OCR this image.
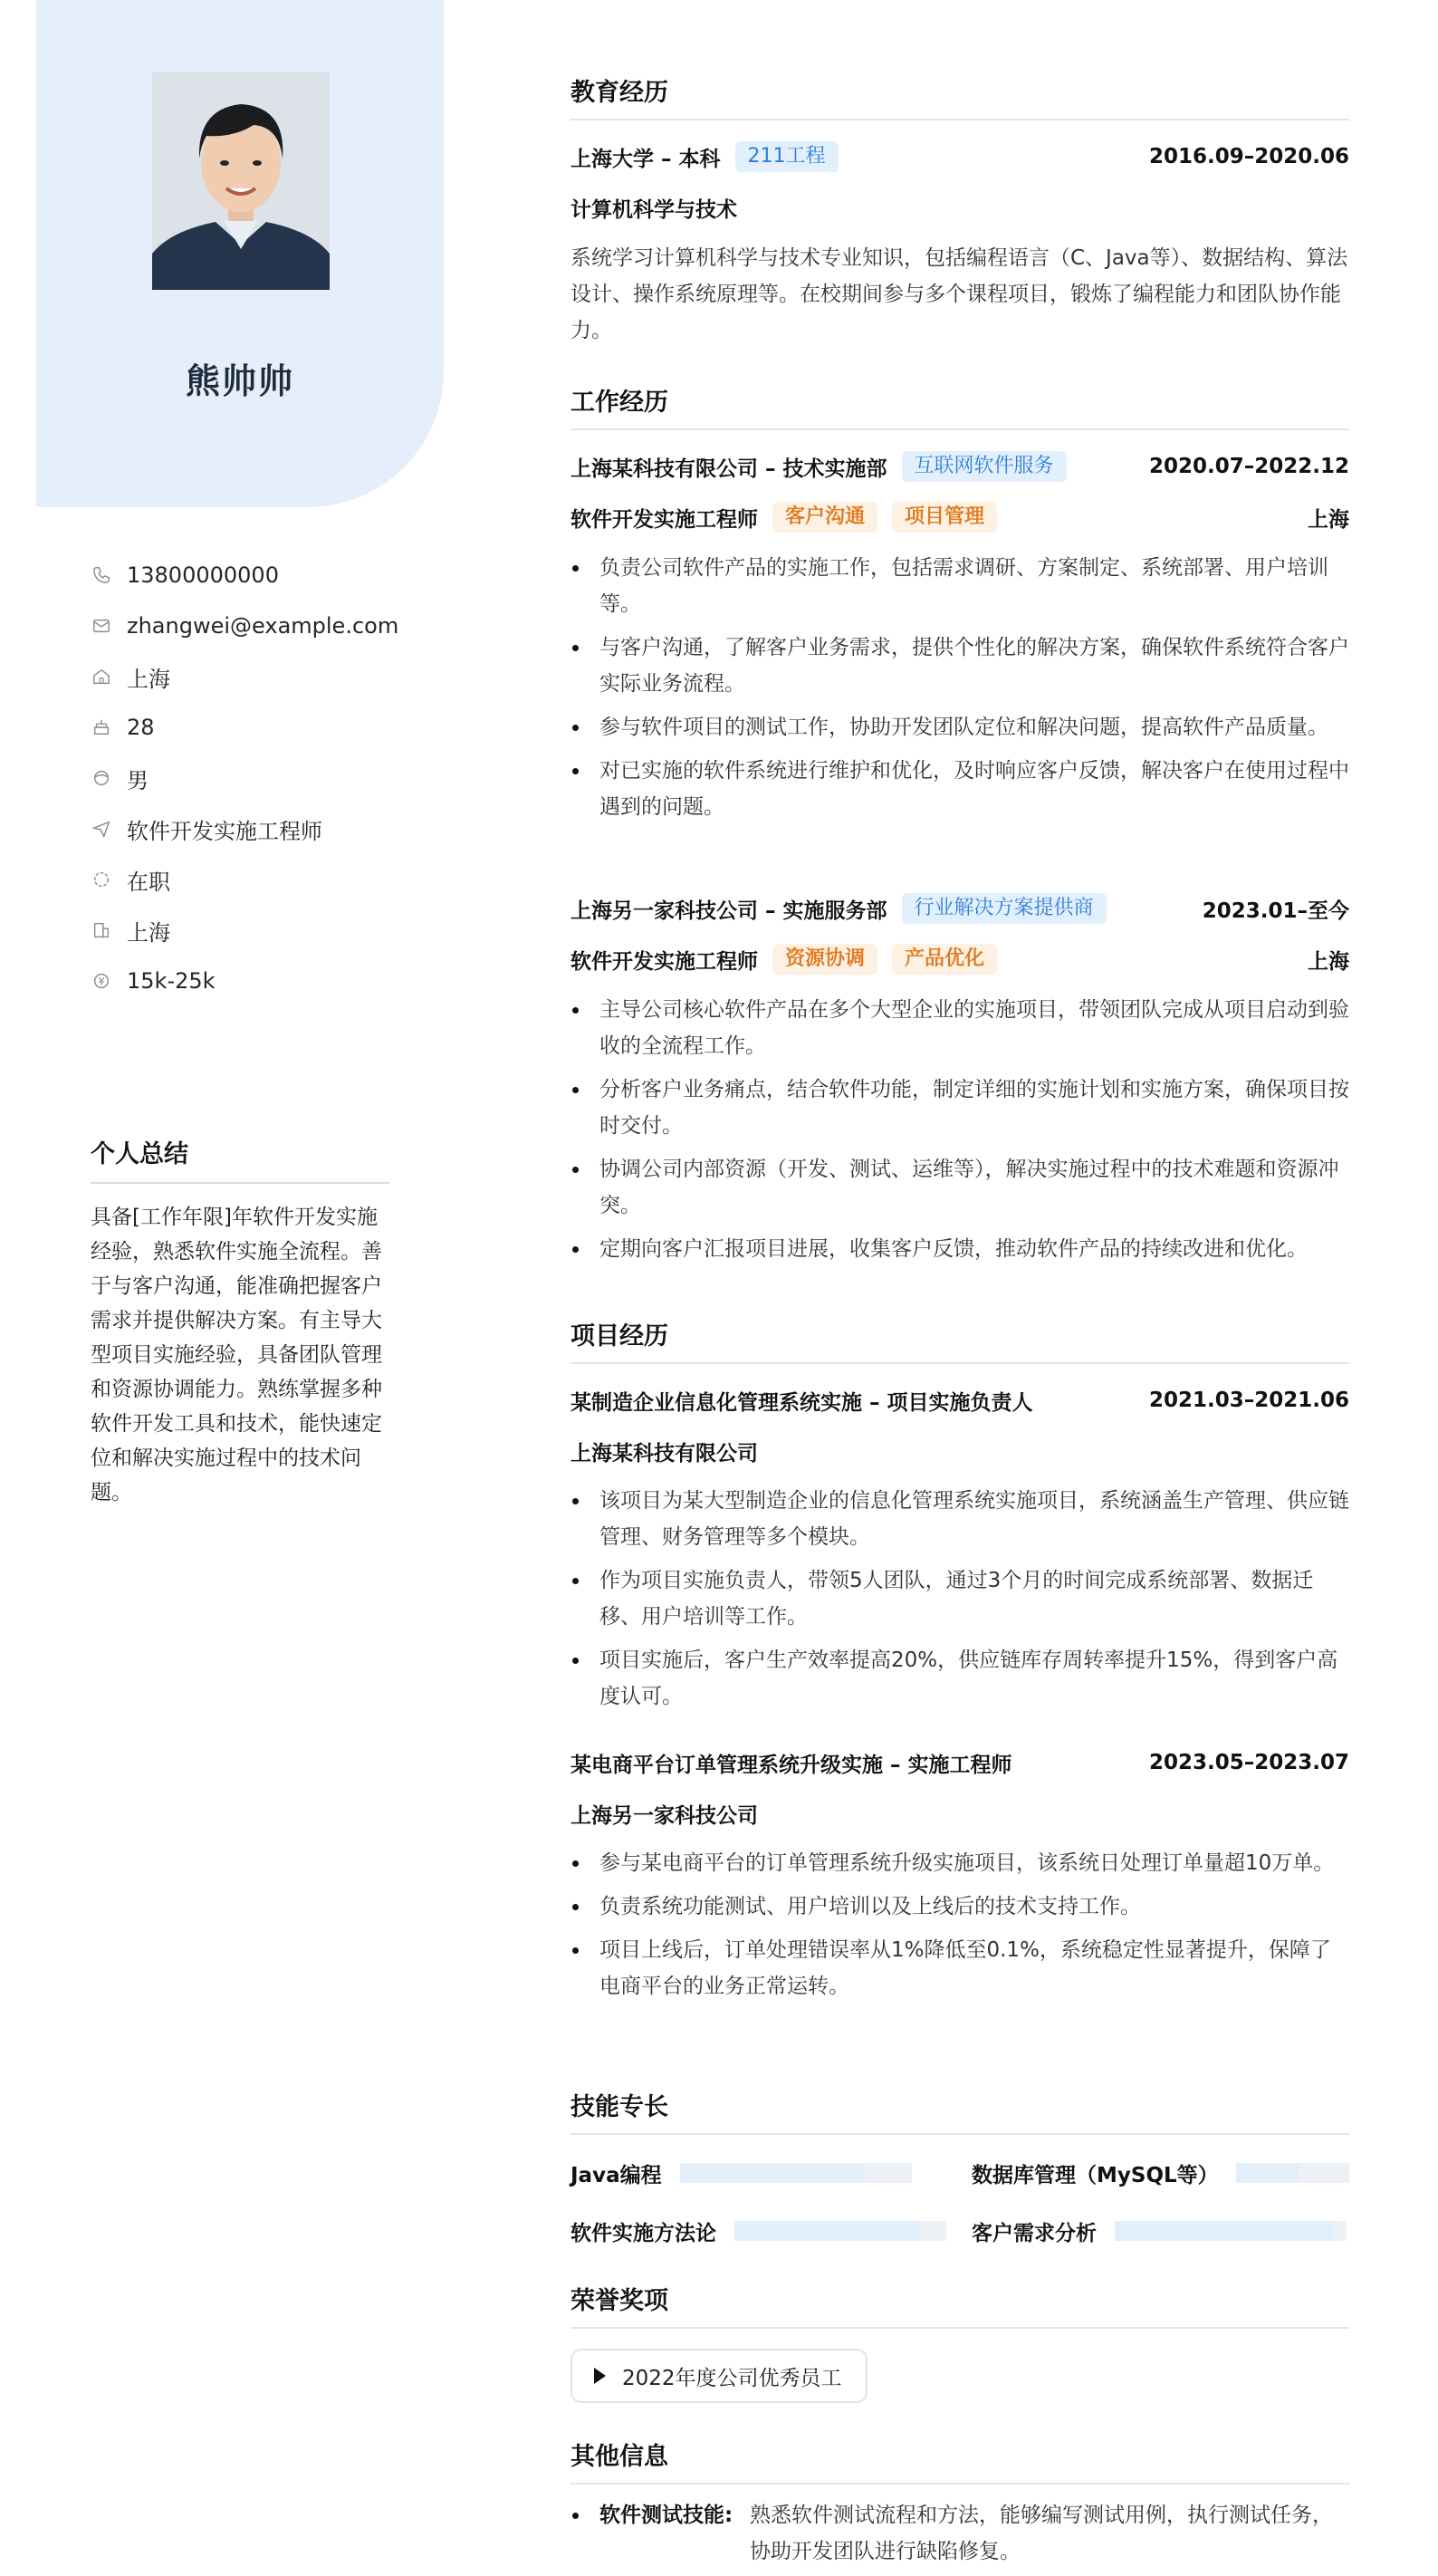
熊帅帅
13800000000
zhangwei@example.com
上海
28
男
软件开发实施工程师
在职
上海
15k-25k
个人总结
具备[工作年限]年软件开发实施经验，熟悉软件实施全流程。善于与客户沟通，能准确把握客户需求并提供解决方案。有主导大型项目实施经验，具备团队管理和资源协调能力。熟练掌握多种软件开发工具和技术，能快速定位和解决实施过程中的技术问题。
教育经历
上海大学 – 本科	211工程	2016.09–2020.06
计算机科学与技术
系统学习计算机科学与技术专业知识，包括编程语言（C、Java等）、数据结构、算法设计、操作系统原理等。在校期间参与多个课程项目，锻炼了编程能力和团队协作能力。
工作经历
上海某科技有限公司 – 技术实施部	互联网软件服务	2020.07–2022.12
软件开发实施工程师	客户沟通	项目管理	上海
负责公司软件产品的实施工作，包括需求调研、方案制定、系统部署、用户培训等。
与客户沟通，了解客户业务需求，提供个性化的解决方案，确保软件系统符合客户实际业务流程。
参与软件项目的测试工作，协助开发团队定位和解决问题，提高软件产品质量。
对已实施的软件系统进行维护和优化，及时响应客户反馈，解决客户在使用过程中遇到的问题。
上海另一家科技公司 – 实施服务部	行业解决方案提供商	2023.01–至今
软件开发实施工程师	资源协调	产品优化	上海
主导公司核心软件产品在多个大型企业的实施项目，带领团队完成从项目启动到验收的全流程工作。
分析客户业务痛点，结合软件功能，制定详细的实施计划和实施方案，确保项目按时交付。
协调公司内部资源（开发、测试、运维等），解决实施过程中的技术难题和资源冲突。
定期向客户汇报项目进展，收集客户反馈，推动软件产品的持续改进和优化。
项目经历
某制造企业信息化管理系统实施 – 项目实施负责人	2021.03–2021.06
上海某科技有限公司
该项目为某大型制造企业的信息化管理系统实施项目，系统涵盖生产管理、供应链管理、财务管理等多个模块。
作为项目实施负责人，带领5人团队，通过3个月的时间完成系统部署、数据迁移、用户培训等工作。
项目实施后，客户生产效率提高20%，供应链库存周转率提升15%，得到客户高度认可。
某电商平台订单管理系统升级实施 – 实施工程师	2023.05–2023.07
上海另一家科技公司
参与某电商平台的订单管理系统升级实施项目，该系统日处理订单量超10万单。
负责系统功能测试、用户培训以及上线后的技术支持工作。
项目上线后，订单处理错误率从1%降低至0.1%，系统稳定性显著提升，保障了电商平台的业务正常运转。
技能专长
Java编程	数据库管理（MySQL等）
软件实施方法论	客户需求分析
荣誉奖项
2022年度公司优秀员工
其他信息
软件测试技能: 熟悉软件测试流程和方法，能够编写测试用例，执行测试任务，协助开发团队进行缺陷修复。
